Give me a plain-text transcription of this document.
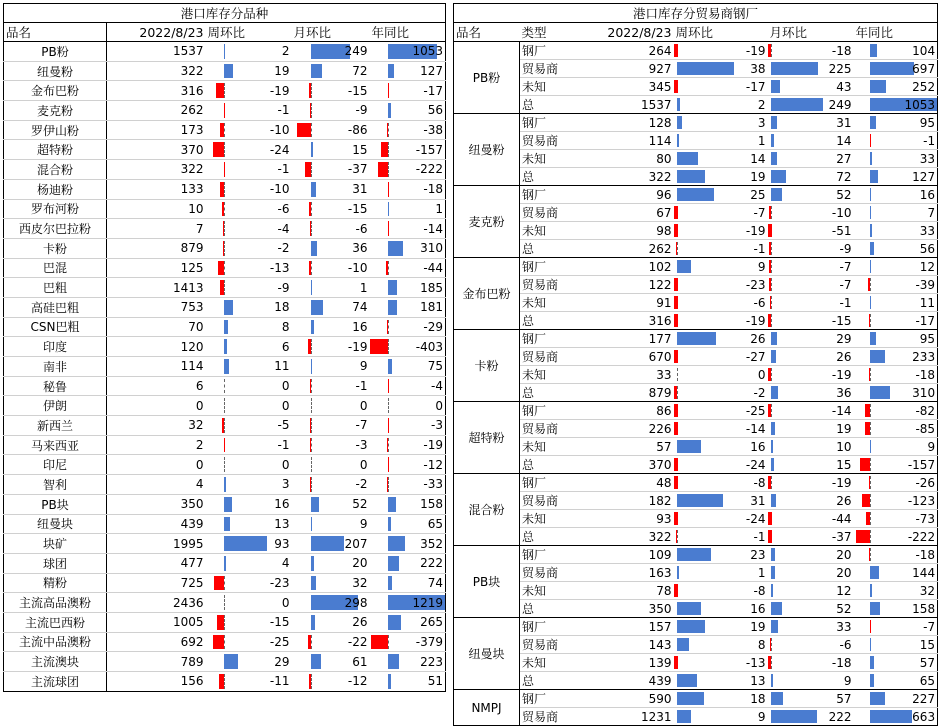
港口库存分品种				
品名	2022/8/23	周环比	月环比	年同比
PB粉	1537	2	249	1053
纽曼粉	322	19	72	127
金布巴粉	316	-19	-15	-17
麦克粉	262	-1	-9	56
罗伊山粉	173	-10	-86	-38
超特粉	370	-24	15	-157
混合粉	322	-1	-37	-222
杨迪粉	133	-10	31	-18
罗布河粉	10	-6	-15	1
西皮尔巴拉粉	7	-4	-6	-14
卡粉	879	-2	36	310
巴混	125	-13	-10	-44
巴粗	1413	-9	1	185
高硅巴粗	753	18	74	181
CSN巴粗	70	8	16	-29
印度	120	6	-19	-403
南非	114	11	9	75
秘鲁	6	0	-1	-4
伊朗	0	0	0	0
新西兰	32	-5	-7	-3
马来西亚	2	-1	-3	-19
印尼	0	0	0	-12
智利	4	3	-2	-33
PB块	350	16	52	158
纽曼块	439	13	9	65
块矿	1995	93	207	352
球团	477	4	20	222
精粉	725	-23	32	74
主流高品澳粉	2436	0	298	1219
主流巴西粉	1005	-15	26	265
主流中品澳粉	692	-25	-22	-379
主流澳块	789	29	61	223
主流球团	156	-11	-12	51
港口库存分贸易商钢厂					
品名	类型	2022/8/23	周环比	月环比	年同比
PB粉	钢厂	264	-19	-18	104
	贸易商	927	38	225	697
	未知	345	-17	43	252
	总	1537	2	249	1053
纽曼粉	钢厂	128	3	31	95
	贸易商	114	1	14	-1
	未知	80	14	27	33
	总	322	19	72	127
麦克粉	钢厂	96	25	52	16
	贸易商	67	-7	-10	7
	未知	98	-19	-51	33
	总	262	-1	-9	56
金布巴粉	钢厂	102	9	-7	12
	贸易商	122	-23	-7	-39
	未知	91	-6	-1	11
	总	316	-19	-15	-17
卡粉	钢厂	177	26	29	95
	贸易商	670	-27	26	233
	未知	33	0	-19	-18
	总	879	-2	36	310
超特粉	钢厂	86	-25	-14	-82
	贸易商	226	-14	19	-85
	未知	57	16	10	9
	总	370	-24	15	-157
混合粉	钢厂	48	-8	-19	-26
	贸易商	182	31	26	-123
	未知	93	-24	-44	-73
	总	322	-1	-37	-222
PB块	钢厂	109	23	20	-18
	贸易商	163	1	20	144
	未知	78	-8	12	32
	总	350	16	52	158
纽曼块	钢厂	157	19	33	-7
	贸易商	143	8	-6	15
	未知	139	-13	-18	57
	总	439	13	9	65
NMPJ	钢厂	590	18	57	227
	贸易商	1231	9	222	663
